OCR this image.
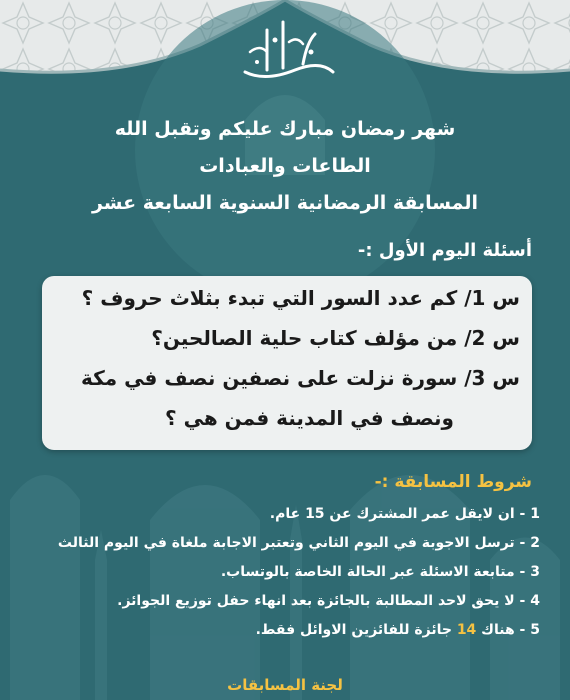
شهر رمضان مبارك عليكم وتقبل الله
الطاعات والعبادات
المسابقة الرمضانية السنوية السابعة عشر
أسئلة اليوم الأول :-
س 1/ كم عدد السور التي تبدء بثلاث حروف ؟
س 2/ من مؤلف كتاب حلية الصالحين؟
س 3/ سورة نزلت على نصفين نصف في مكة
ونصف في المدينة فمن هي ؟
شروط المسابقة :-
1 - ان لايقل عمر المشترك عن 15 عام.
2 - ترسل الاجوبة في اليوم الثاني وتعتبر الاجابة ملغاة في اليوم الثالث
3 - متابعة الاسئلة عبر الحالة الخاصة بالوتساب.
4 - لا يحق لاحد المطالبة بالجائزة بعد انهاء حفل توزيع الجوائز.
5 - هناك 14 جائزة للفائزين الاوائل فقط.
لجنة المسابقات
